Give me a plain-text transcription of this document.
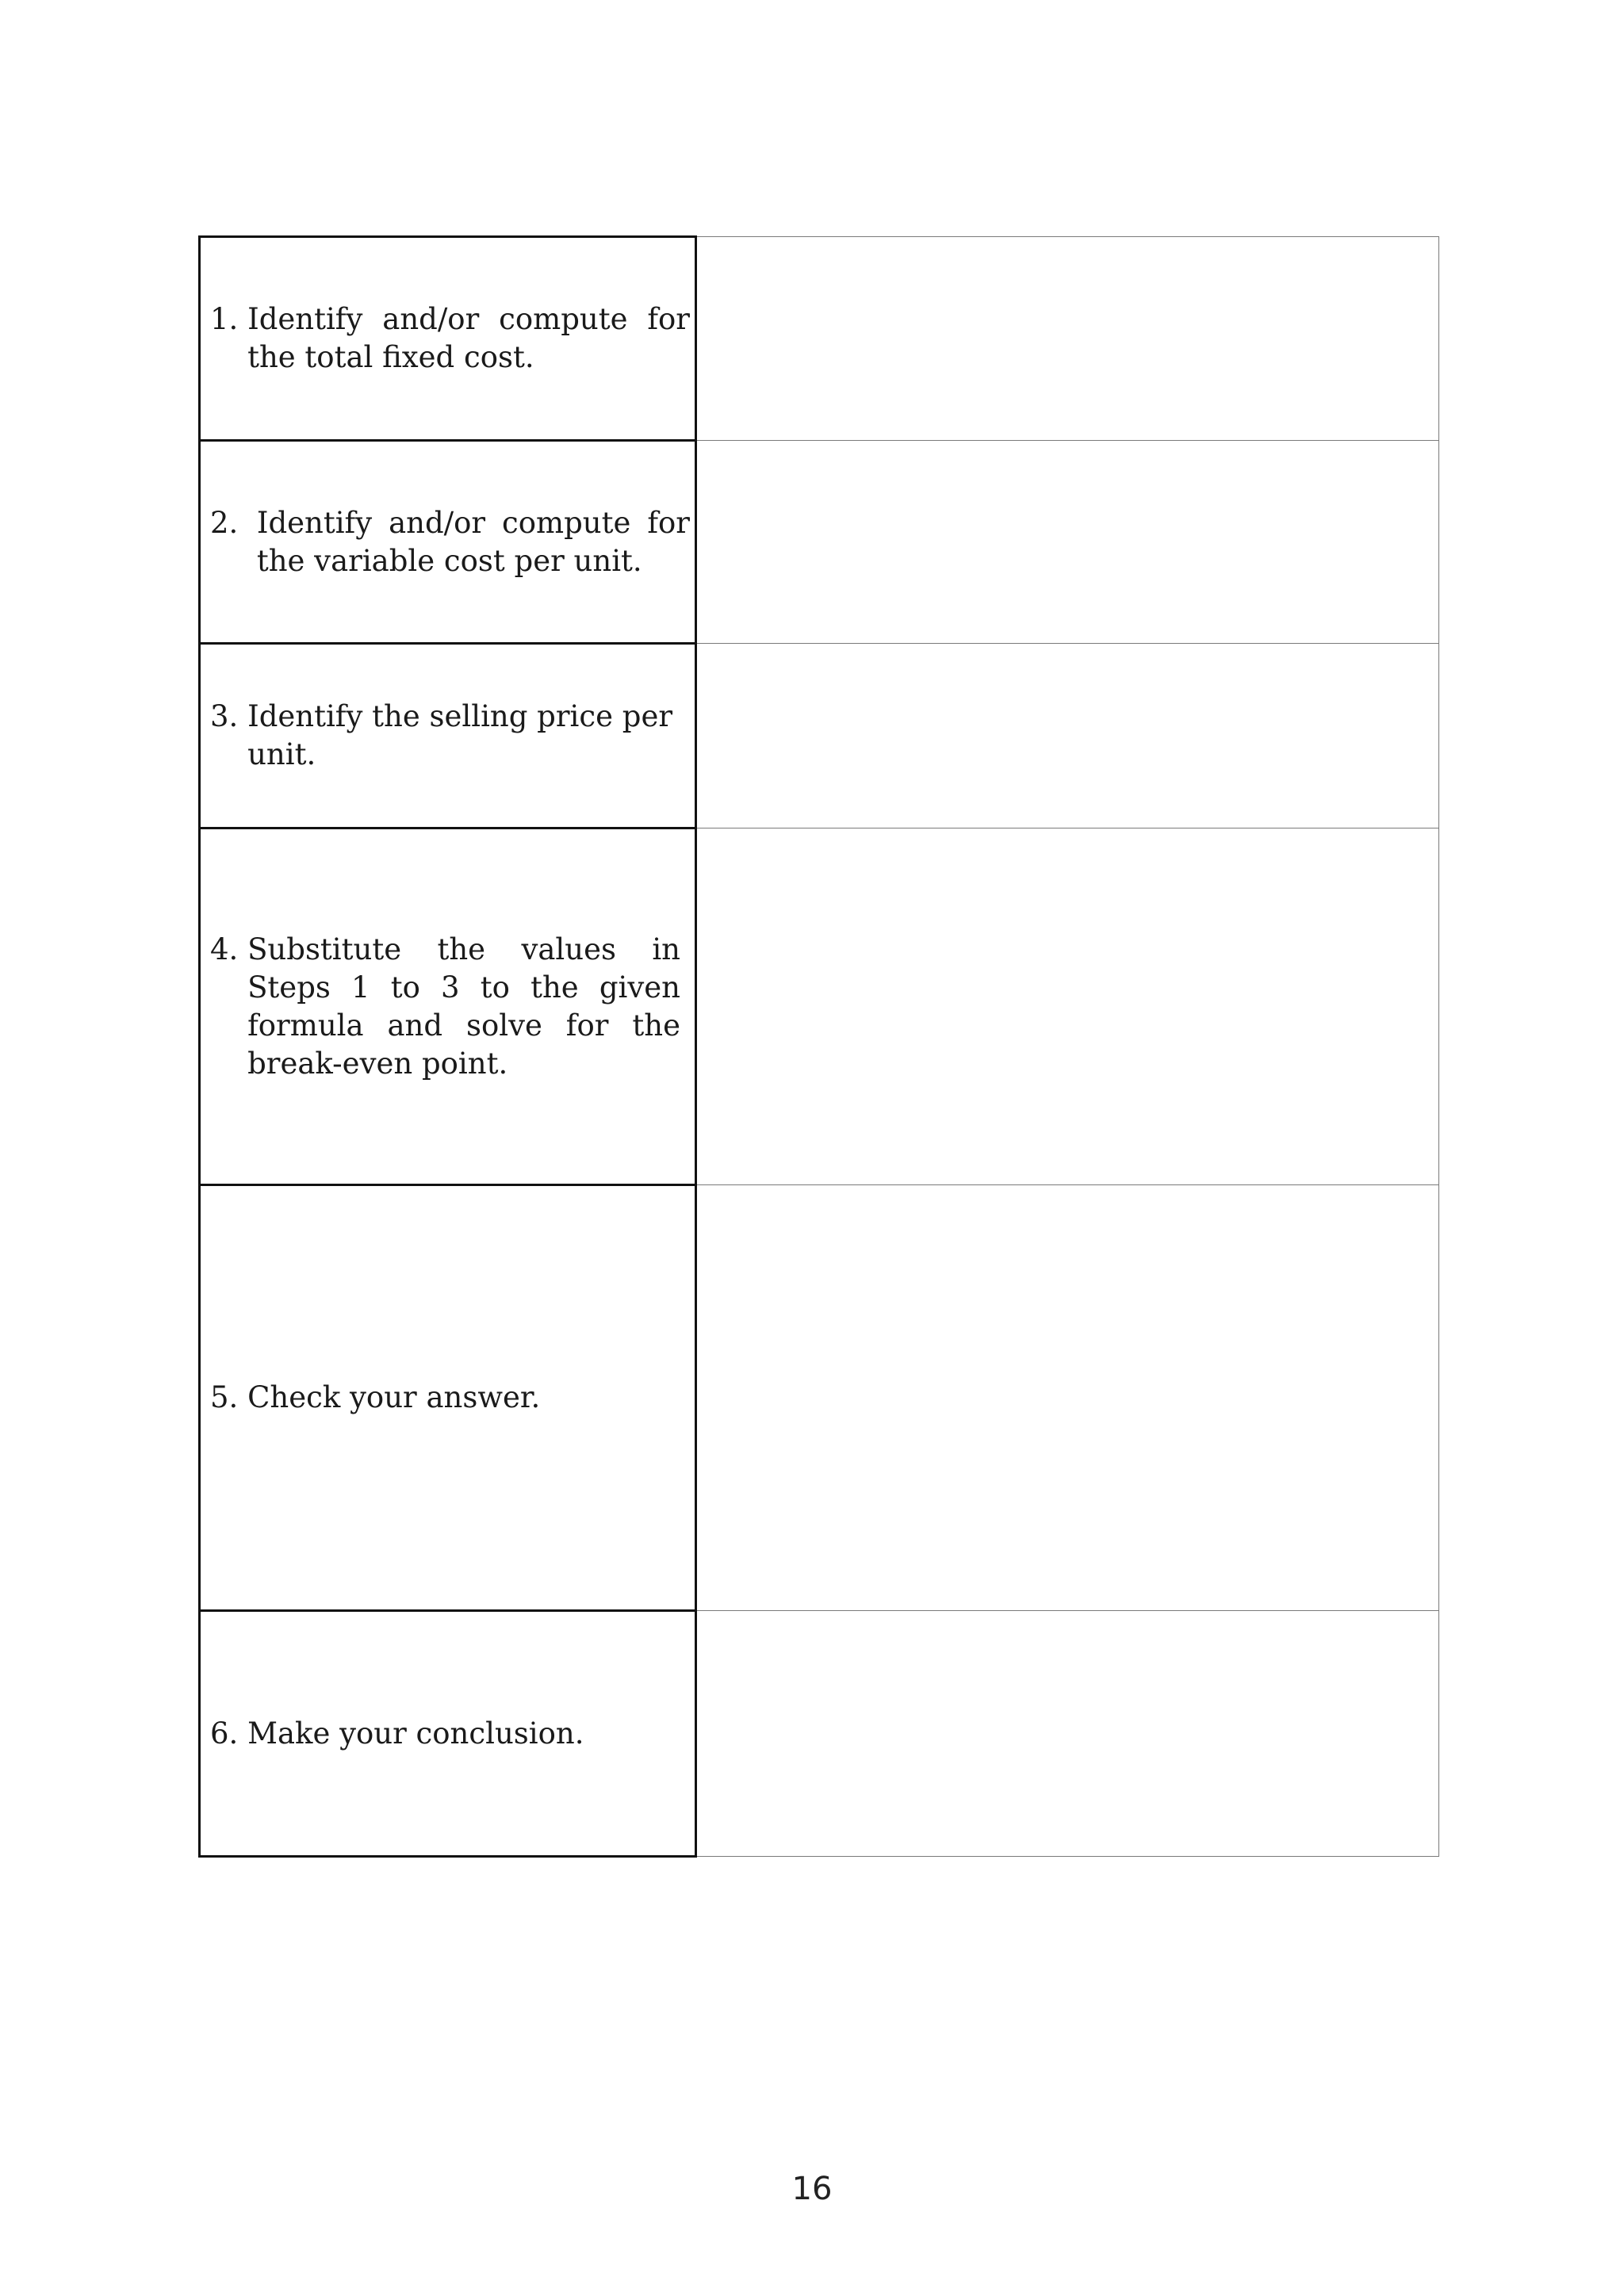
1. Identify and/or compute for the total fixed cost.	

2. Identify and/or compute for the variable cost per unit.	

3. Identify the selling price per unit.	

4. Substitute the values in Steps 1 to 3 to the given formula and solve for the break-even point.	

5. Check your answer.	

6. Make your conclusion.	

16
